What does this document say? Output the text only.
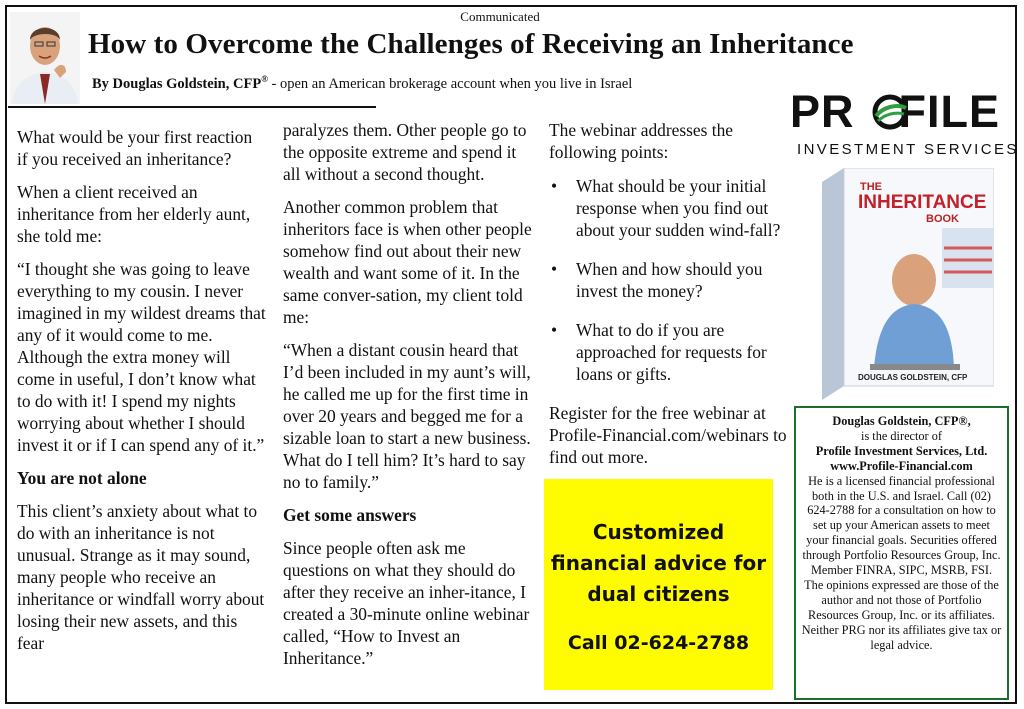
Communicated
How to Overcome the Challenges of Receiving an Inheritance
By Douglas Goldstein, CFP® - open an American brokerage account when you live in Israel

What would be your first reaction if you received an inheritance?

When a client received an inheritance from her elderly aunt, she told me:

“I thought she was going to leave everything to my cousin. I never imagined in my wildest dreams that any of it would come to me. Although the extra money will come in useful, I don’t know what to do with it! I spend my nights worrying about whether I should invest it or if I can spend any of it.”

You are not alone

This client’s anxiety about what to do with an inheritance is not unusual. Strange as it may sound, many people who receive an inheritance or windfall worry about losing their new assets, and this fear

paralyzes them. Other people go to the opposite extreme and spend it all without a second thought.

Another common problem that inheritors face is when other people somehow find out about their new wealth and want some of it. In the same conver-sation, my client told me:

“When a distant cousin heard that I’d been included in my aunt’s will, he called me up for the first time in over 20 years and begged me for a sizable loan to start a new business. What do I tell him? It’s hard to say no to family.”

Get some answers

Since people often ask me questions on what they should do after they receive an inher-itance, I created a 30-minute online webinar called, “How to Invest an Inheritance.”

The webinar addresses the following points:

• What should be your initial response when you find out about your sudden wind-fall?
• When and how should you invest the money?
• What to do if you are approached for requests for loans or gifts.

Register for the free webinar at Profile-Financial.com/webinars to find out more.

Customized
financial advice for
dual citizens
Call 02-624-2788
PR FILE
INVESTMENT SERVICES
THE
INHERITANCE
BOOK
DOUGLAS GOLDSTEIN, CFP
Douglas Goldstein, CFP®,
is the director of
Profile Investment Services, Ltd.
www.Profile-Financial.com
He is a licensed financial professional both in the U.S. and Israel. Call (02) 624-2788 for a consultation on how to set up your American assets to meet your financial goals. Securities offered through Portfolio Resources Group, Inc. Member FINRA, SIPC, MSRB, FSI. The opinions expressed are those of the author and not those of Portfolio Resources Group, Inc. or its affiliates. Neither PRG nor its affiliates give tax or legal advice.
